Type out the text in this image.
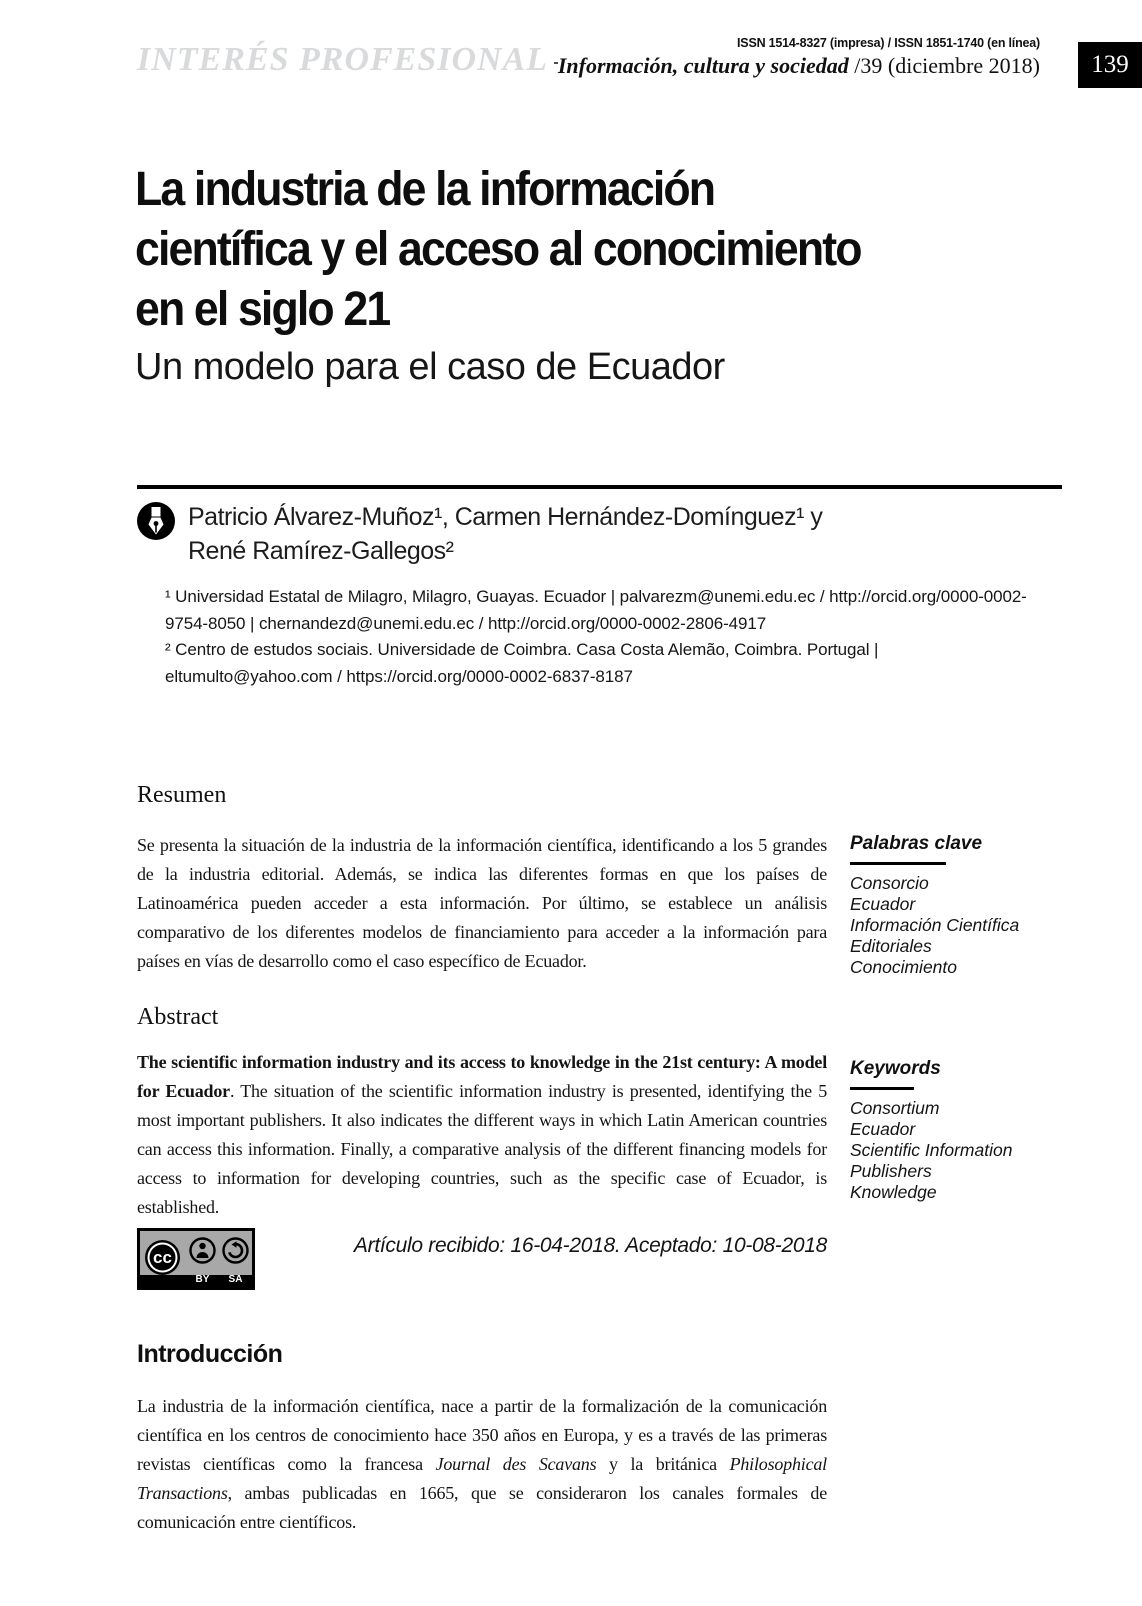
INTERÉS PROFESIONAL	ISSN 1514-8327 (impresa) / ISSN 1851-1740 (en línea)
Información, cultura y sociedad /39 (diciembre 2018) 139
La industria de la información
científica y el acceso al conocimiento
en el siglo 21
Un modelo para el caso de Ecuador
Patricio Álvarez-Muñoz¹, Carmen Hernández-Domínguez¹ y
René Ramírez-Gallegos²

¹ Universidad Estatal de Milagro, Milagro, Guayas. Ecuador | palvarezm@unemi.edu.ec / http://orcid.org/0000-0002-9754-8050 | chernandezd@unemi.edu.ec / http://orcid.org/0000-0002-2806-4917

² Centro de estudos sociais. Universidade de Coimbra. Casa Costa Alemão, Coimbra. Portugal | eltumulto@yahoo.com / https://orcid.org/0000-0002-6837-8187

Resumen
Se presenta la situación de la industria de la información científica, identificando a los 5 grandes de la industria editorial. Además, se indica las diferentes formas en que los países de Latinoamérica pueden acceder a esta información. Por último, se establece un análisis comparativo de los diferentes modelos de financiamiento para acceder a la información para países en vías de desarrollo como el caso específico de Ecuador.
Palabras clave
Consorcio
Ecuador
Información Científica
Editoriales
Conocimiento
Abstract
The scientific information industry and its access to knowledge in the 21st century: A model for Ecuador. The situation of the scientific information industry is presented, identifying the 5 most important publishers. It also indicates the different ways in which Latin American countries can access this information. Finally, a comparative analysis of the different financing models for access to information for developing countries, such as the specific case of Ecuador, is established.
Keywords
Consortium
Ecuador
Scientific Information
Publishers
Knowledge
cc
BY	SA
Artículo recibido: 16-04-2018. Aceptado: 10-08-2018
Introducción
La industria de la información científica, nace a partir de la formalización de la comunicación científica en los centros de conocimiento hace 350 años en Europa, y es a través de las primeras revistas científicas como la francesa Journal des Scavans y la británica Philosophical Transactions, ambas publicadas en 1665, que se consideraron los canales formales de comunicación entre científicos.
